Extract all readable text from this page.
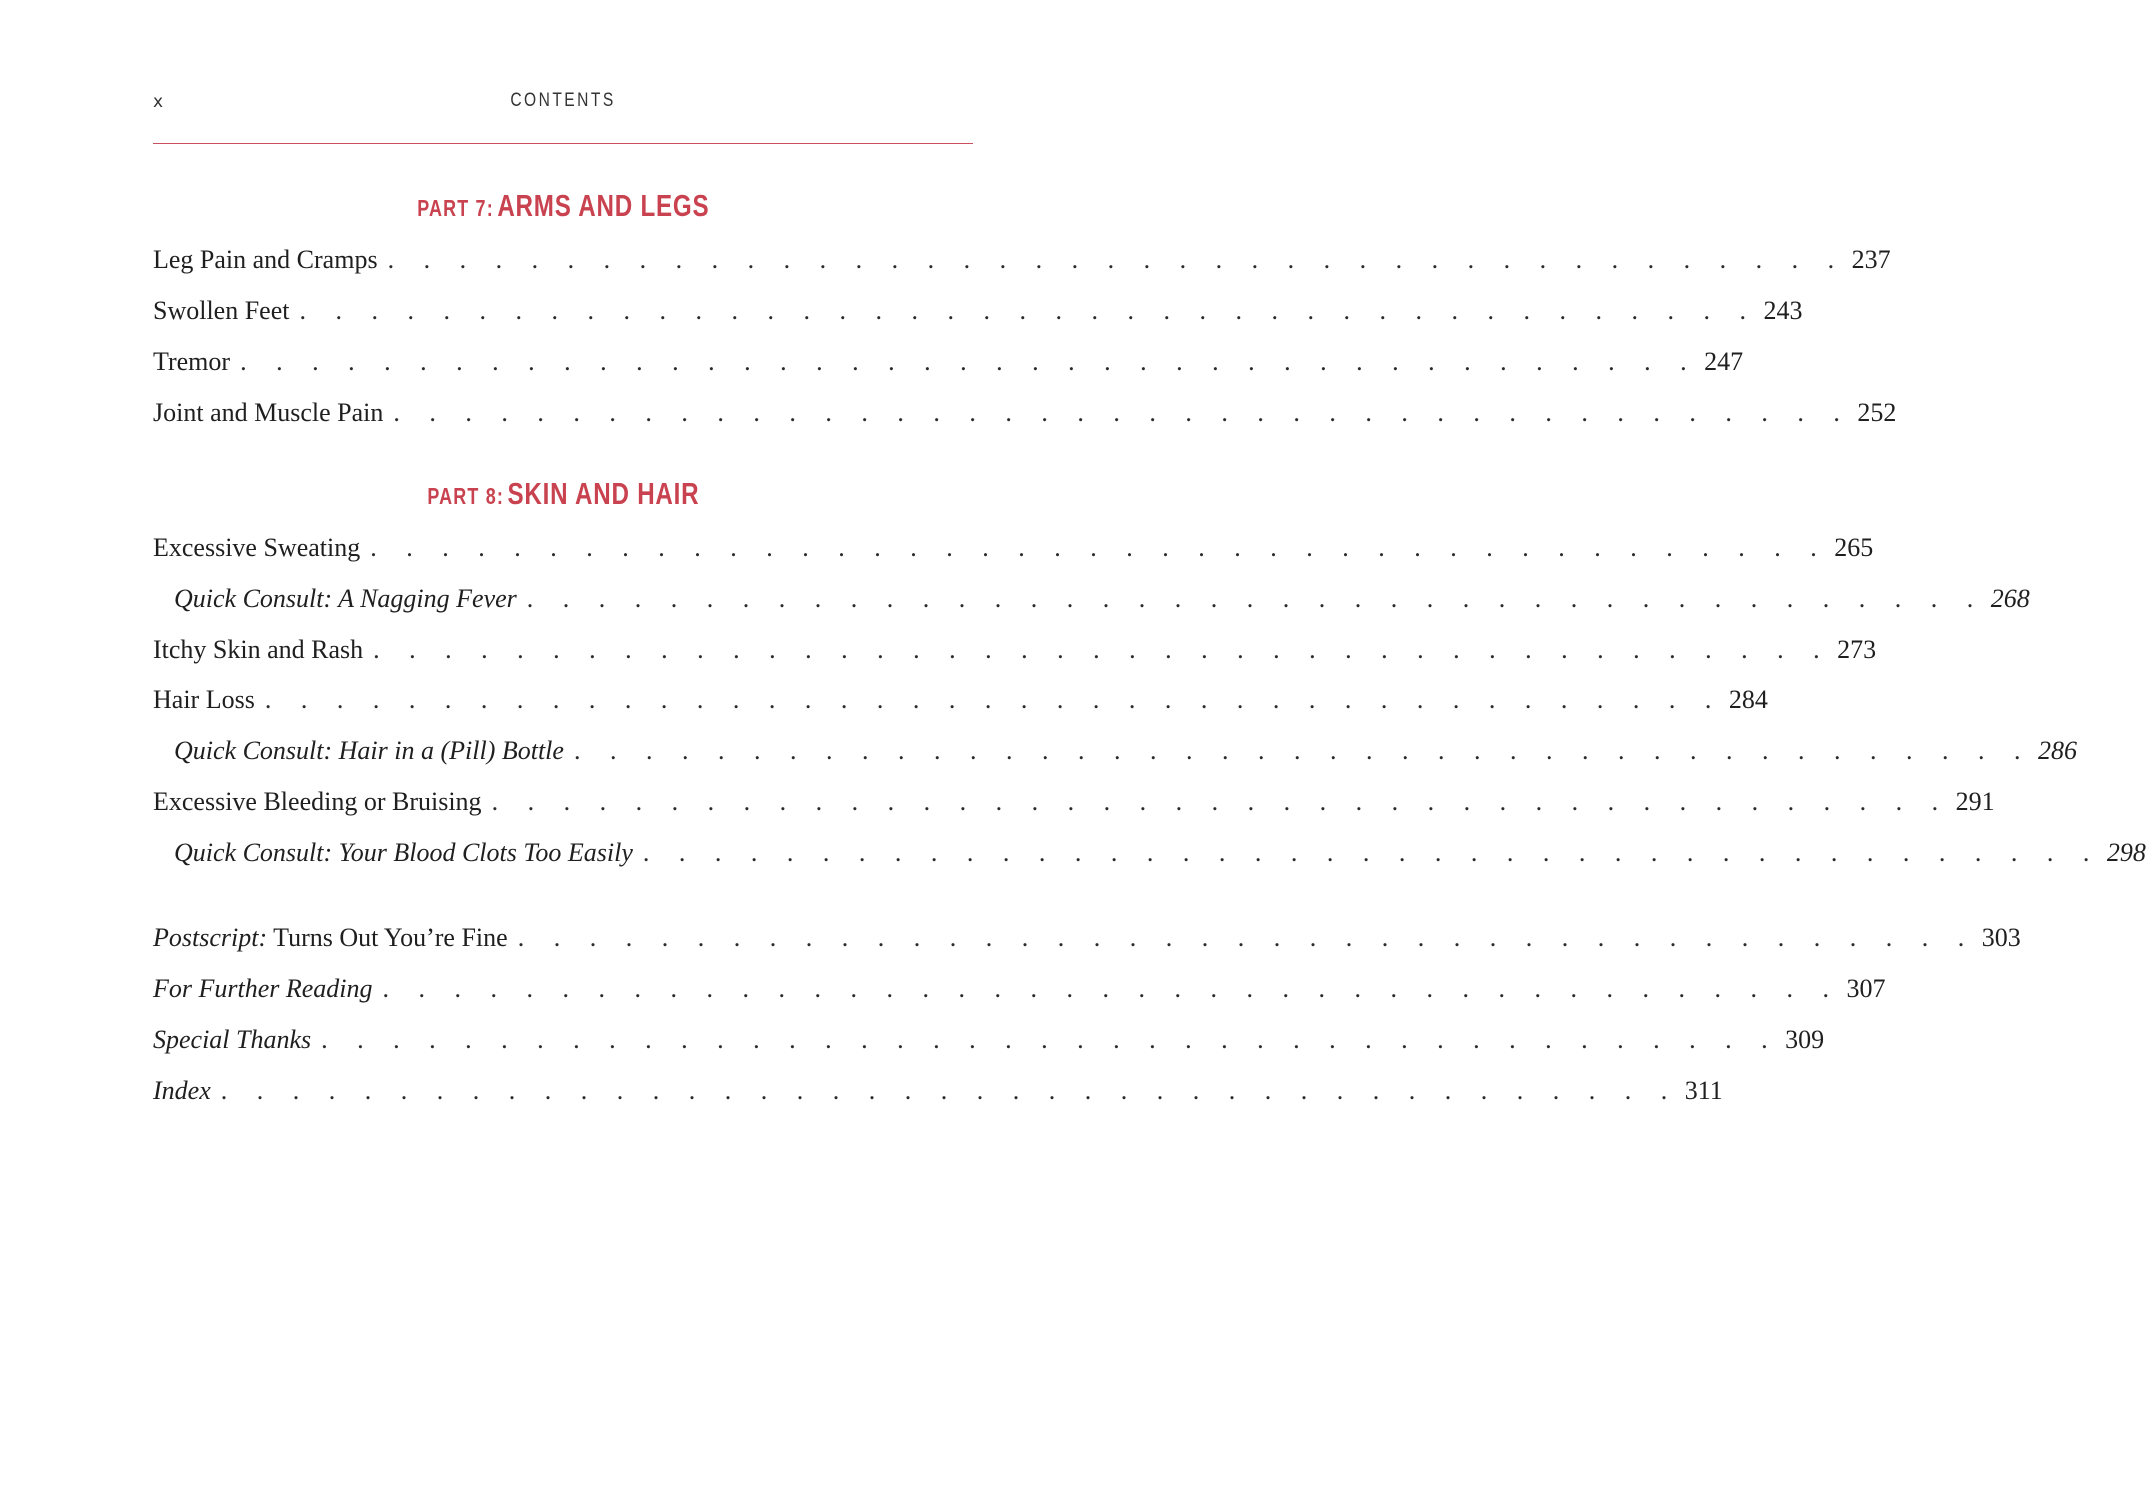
x	CONTENTS
PART 7: ARMS AND LEGS
Leg Pain and Cramps . . . . . . . . . . . . . . . . . . . . . . . . . . . . . . . . . . . . . . . . . 237
Swollen Feet . . . . . . . . . . . . . . . . . . . . . . . . . . . . . . . . . . . . . . . . . 243
Tremor . . . . . . . . . . . . . . . . . . . . . . . . . . . . . . . . . . . . . . . . . 247
Joint and Muscle Pain . . . . . . . . . . . . . . . . . . . . . . . . . . . . . . . . . . . . . . . . . 252
PART 8: SKIN AND HAIR
Excessive Sweating . . . . . . . . . . . . . . . . . . . . . . . . . . . . . . . . . . . . . . . . . 265
Quick Consult: A Nagging Fever . . . . . . . . . . . . . . . . . . . . . . . . . . . . . . . . . . . . . . . . . 268
Itchy Skin and Rash . . . . . . . . . . . . . . . . . . . . . . . . . . . . . . . . . . . . . . . . . 273
Hair Loss . . . . . . . . . . . . . . . . . . . . . . . . . . . . . . . . . . . . . . . . . 284
Quick Consult: Hair in a (Pill) Bottle . . . . . . . . . . . . . . . . . . . . . . . . . . . . . . . . . . . . . . . . . 286
Excessive Bleeding or Bruising . . . . . . . . . . . . . . . . . . . . . . . . . . . . . . . . . . . . . . . . . 291
Quick Consult: Your Blood Clots Too Easily . . . . . . . . . . . . . . . . . . . . . . . . . . . . . . . . . . . . . . . . . 298
Postscript: Turns Out You’re Fine . . . . . . . . . . . . . . . . . . . . . . . . . . . . . . . . . . . . . . . . . 303
For Further Reading . . . . . . . . . . . . . . . . . . . . . . . . . . . . . . . . . . . . . . . . . 307
Special Thanks . . . . . . . . . . . . . . . . . . . . . . . . . . . . . . . . . . . . . . . . . 309
Index . . . . . . . . . . . . . . . . . . . . . . . . . . . . . . . . . . . . . . . . . 311
